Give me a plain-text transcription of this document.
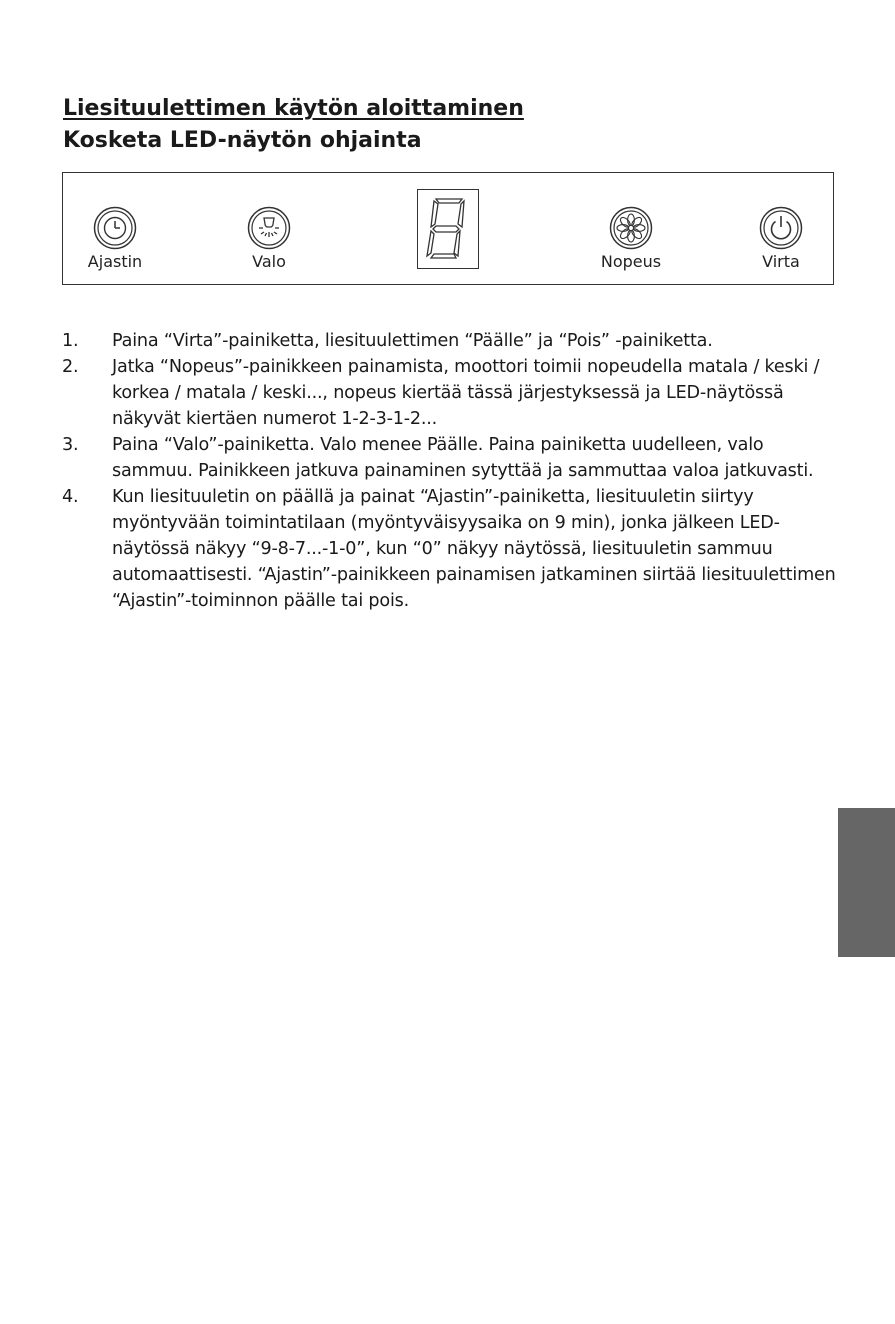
Liesituulettimen käytön aloittaminen
Kosketa LED-näytön ohjainta
Ajastin	Valo	Nopeus	Virta
1. Paina “Virta”-painiketta, liesituulettimen “Päälle” ja “Pois” -painiketta.
2. Jatka “Nopeus”-painikkeen painamista, moottori toimii nopeudella matala / keski / korkea / matala / keski..., nopeus kiertää tässä järjestyksessä ja LED-näytössä näkyvät kiertäen numerot 1-2-3-1-2...
3. Paina “Valo”-painiketta. Valo menee Päälle. Paina painiketta uudelleen, valo sammuu. Painikkeen jatkuva painaminen sytyttää ja sammuttaa valoa jatkuvasti.
4. Kun liesituuletin on päällä ja painat “Ajastin”-painiketta, liesituuletin siirtyy myöntyvään toimintatilaan (myöntyväisyysaika on 9 min), jonka jälkeen LED-näytössä näkyy “9-8-7...-1-0”, kun “0” näkyy näytössä, liesituuletin sammuu automaattisesti. “Ajastin”-painikkeen painamisen jatkaminen siirtää liesituulettimen “Ajastin”-toiminnon päälle tai pois.
